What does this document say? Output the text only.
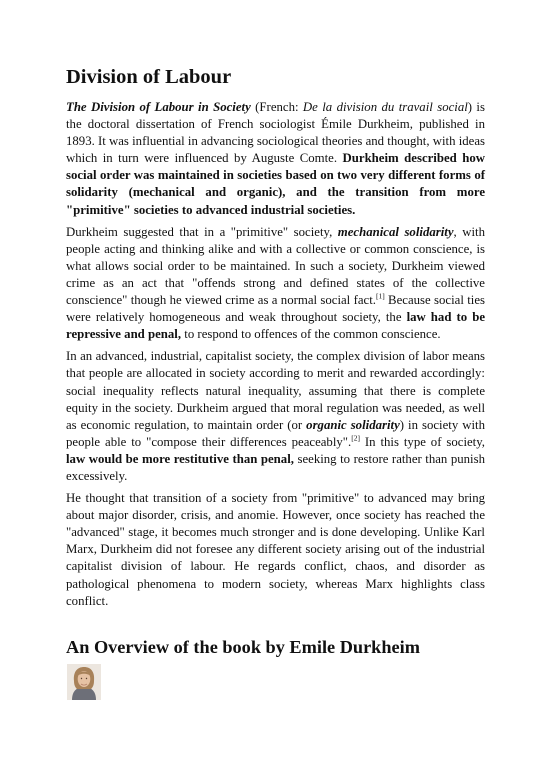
Division of Labour

The Division of Labour in Society (French: De la division du travail social) is the doctoral dissertation of French sociologist Émile Durkheim, published in 1893. It was influential in advancing sociological theories and thought, with ideas which in turn were influenced by Auguste Comte. Durkheim described how social order was maintained in societies based on two very different forms of solidarity (mechanical and organic), and the transition from more "primitive" societies to advanced industrial societies.

Durkheim suggested that in a "primitive" society, mechanical solidarity, with people acting and thinking alike and with a collective or common conscience, is what allows social order to be maintained. In such a society, Durkheim viewed crime as an act that "offends strong and defined states of the collective conscience" though he viewed crime as a normal social fact.[1] Because social ties were relatively homogeneous and weak throughout society, the law had to be repressive and penal, to respond to offences of the common conscience.

In an advanced, industrial, capitalist society, the complex division of labor means that people are allocated in society according to merit and rewarded accordingly: social inequality reflects natural inequality, assuming that there is complete equity in the society. Durkheim argued that moral regulation was needed, as well as economic regulation, to maintain order (or organic solidarity) in society with people able to "compose their differences peaceably".[2] In this type of society, law would be more restitutive than penal, seeking to restore rather than punish excessively.

He thought that transition of a society from "primitive" to advanced may bring about major disorder, crisis, and anomie. However, once society has reached the "advanced" stage, it becomes much stronger and is done developing. Unlike Karl Marx, Durkheim did not foresee any different society arising out of the industrial capitalist division of labour. He regards conflict, chaos, and disorder as pathological phenomena to modern society, whereas Marx highlights class conflict.

An Overview of the book by Emile Durkheim
